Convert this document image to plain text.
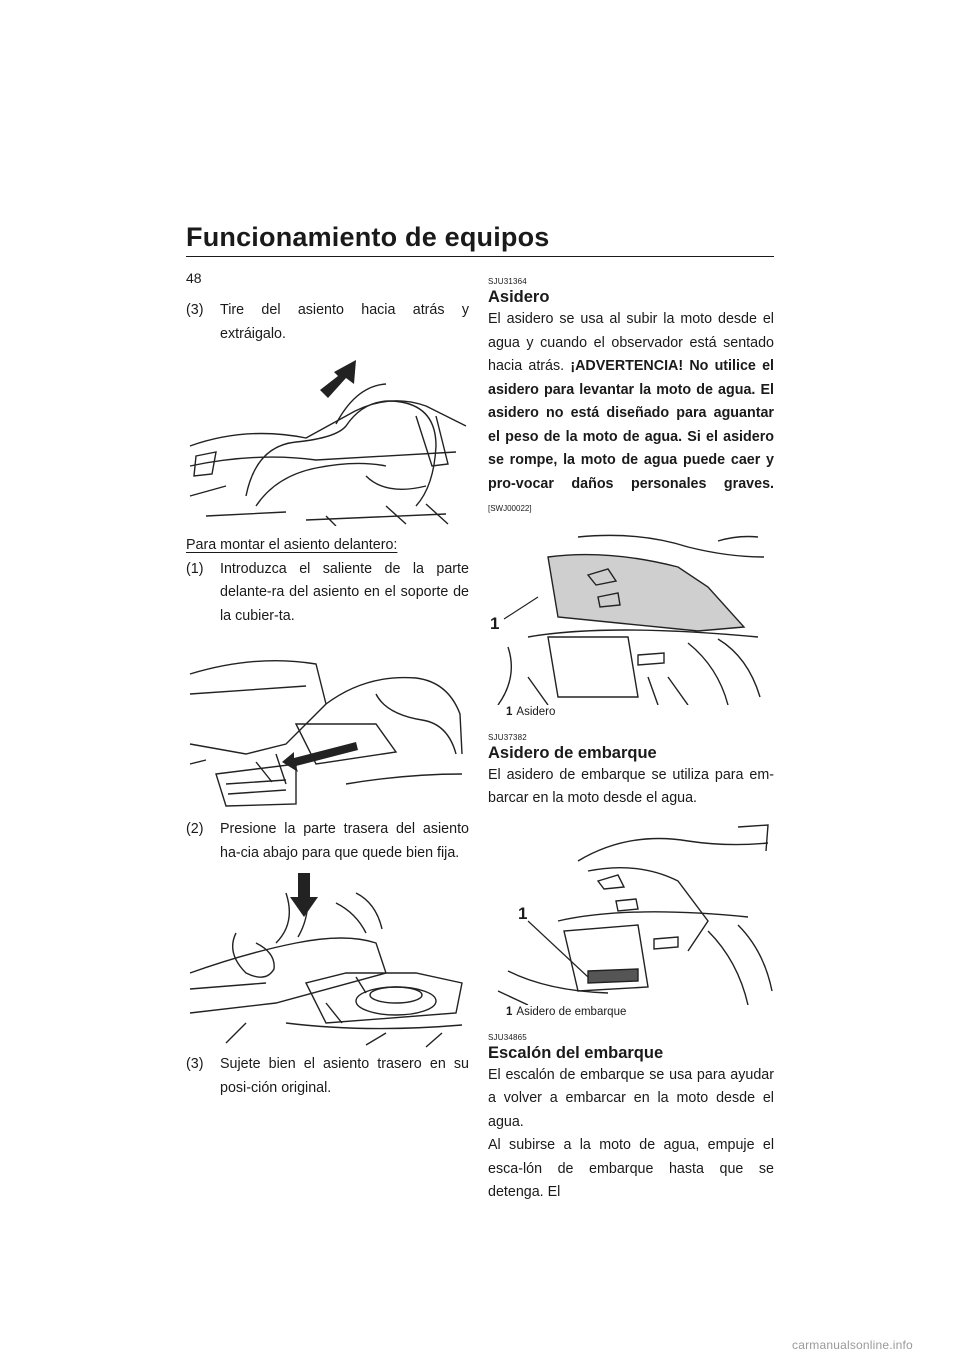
Funcionamiento de equipos
48
(3)	Tire del asiento hacia atrás y extráigalo.
Para montar el asiento delantero:
(1)	Introduzca el saliente de la parte delante-ra del asiento en el soporte de la cubier-ta.
(2)	Presione la parte trasera del asiento ha-cia abajo para que quede bien fija.
(3)	Sujete bien el asiento trasero en su posi-ción original.
SJU31364
Asidero
El asidero se usa al subir la moto desde el agua y cuando el observador está sentado hacia atrás. ¡ADVERTENCIA! No utilice el asidero para levantar la moto de agua. El asidero no está diseñado para aguantar el peso de la moto de agua. Si el asidero se rompe, la moto de agua puede caer y pro-vocar daños personales graves. [SWJ00022]
1
1 Asidero
SJU37382
Asidero de embarque
El asidero de embarque se utiliza para em-barcar en la moto desde el agua.
1
1 Asidero de embarque
SJU34865
Escalón del embarque
El escalón de embarque se usa para ayudar a volver a embarcar en la moto desde el agua.
Al subirse a la moto de agua, empuje el esca-lón de embarque hasta que se detenga. El
carmanualsonline.info
